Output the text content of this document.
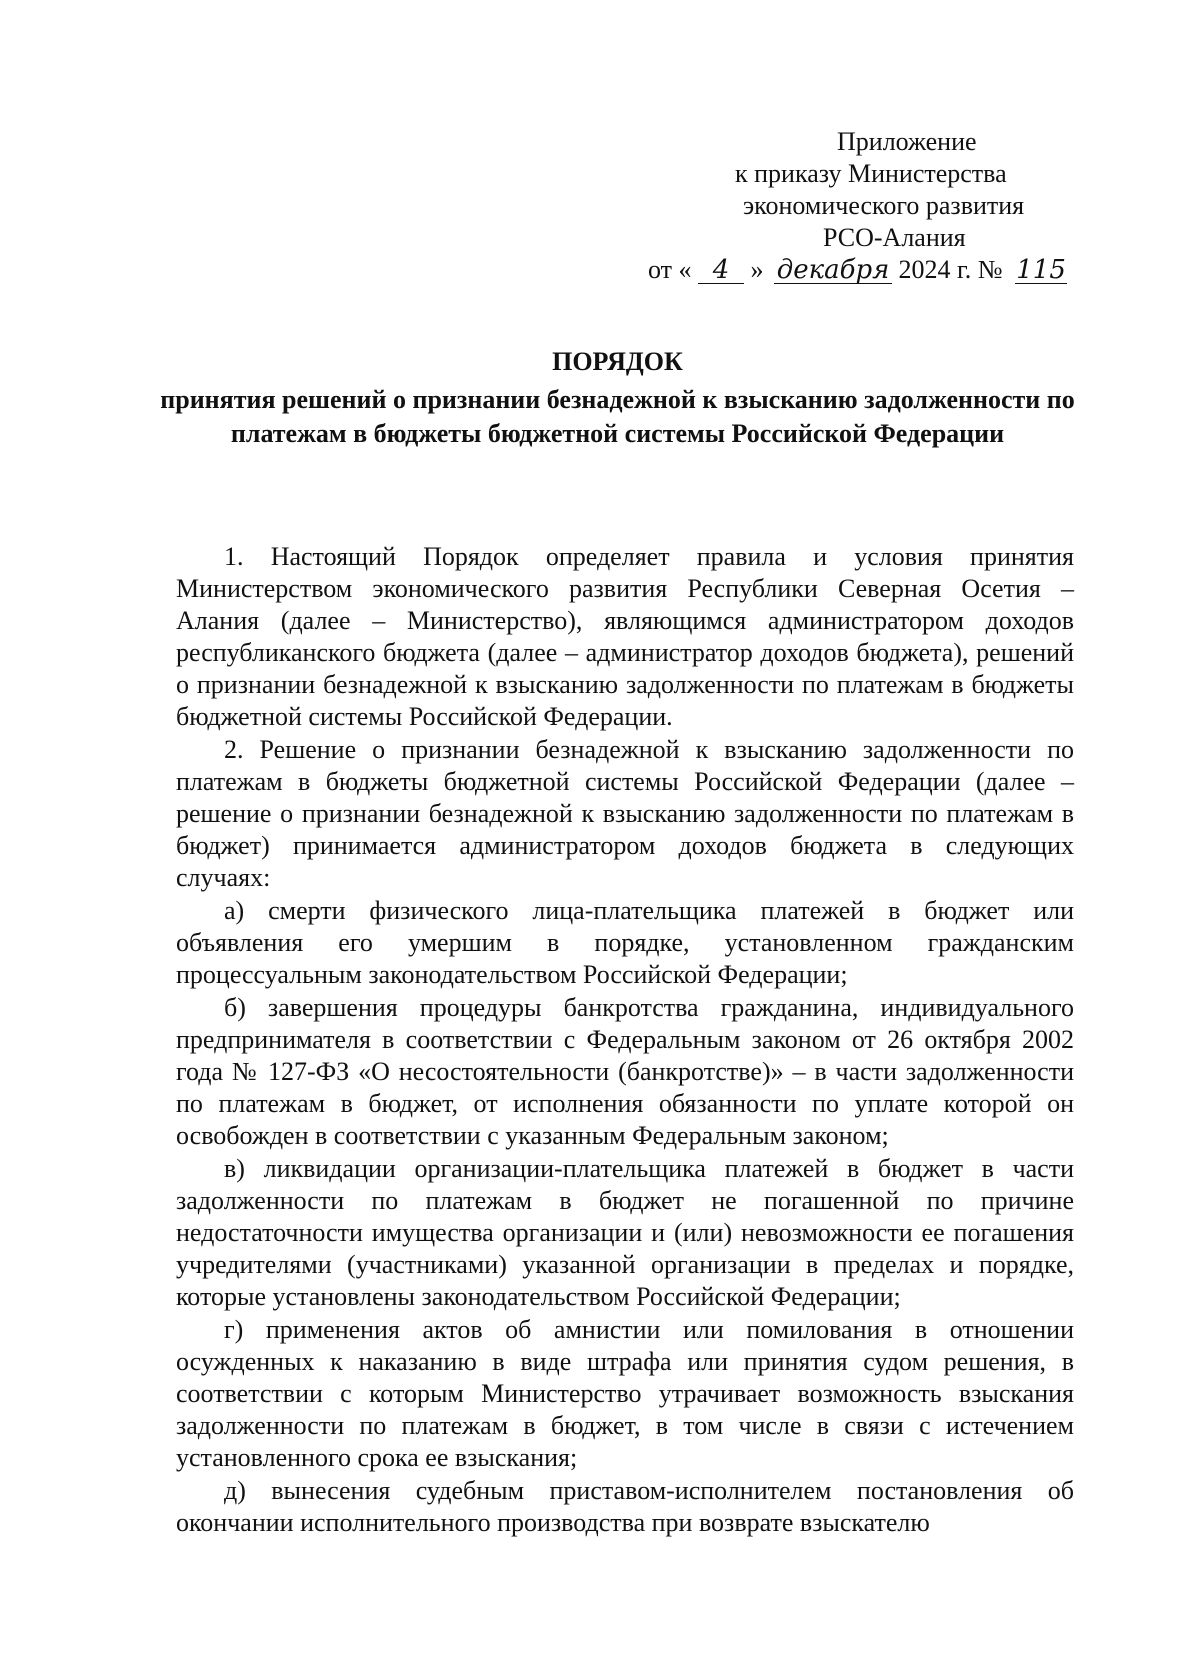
Приложение
к приказу Министерства
экономического развития
РСО-Алания
от « 4 » декабря 2024 г. № 115
ПОРЯДОК
принятия решений о признании безнадежной к взысканию задолженности по платежам в бюджеты бюджетной системы Российской Федерации

1. Настоящий Порядок определяет правила и условия принятия Министерством экономического развития Республики Северная Осетия – Алания (далее – Министерство), являющимся администратором доходов республиканского бюджета (далее – администратор доходов бюджета), решений о признании безнадежной к взысканию задолженности по платежам в бюджеты бюджетной системы Российской Федерации.

2. Решение о признании безнадежной к взысканию задолженности по платежам в бюджеты бюджетной системы Российской Федерации (далее – решение о признании безнадежной к взысканию задолженности по платежам в бюджет) принимается администратором доходов бюджета в следующих случаях:

а) смерти физического лица-плательщика платежей в бюджет или объявления его умершим в порядке, установленном гражданским процессуальным законодательством Российской Федерации;

б) завершения процедуры банкротства гражданина, индивидуального предпринимателя в соответствии с Федеральным законом от 26 октября 2002 года № 127-ФЗ «О несостоятельности (банкротстве)» – в части задолженности по платежам в бюджет, от исполнения обязанности по уплате которой он освобожден в соответствии с указанным Федеральным законом;

в) ликвидации организации-плательщика платежей в бюджет в части задолженности по платежам в бюджет не погашенной по причине недостаточности имущества организации и (или) невозможности ее погашения учредителями (участниками) указанной организации в пределах и порядке, которые установлены законодательством Российской Федерации;

г) применения актов об амнистии или помилования в отношении осужденных к наказанию в виде штрафа или принятия судом решения, в соответствии с которым Министерство утрачивает возможность взыскания задолженности по платежам в бюджет, в том числе в связи с истечением установленного срока ее взыскания;

д) вынесения судебным приставом-исполнителем постановления об окончании исполнительного производства при возврате взыскателю
